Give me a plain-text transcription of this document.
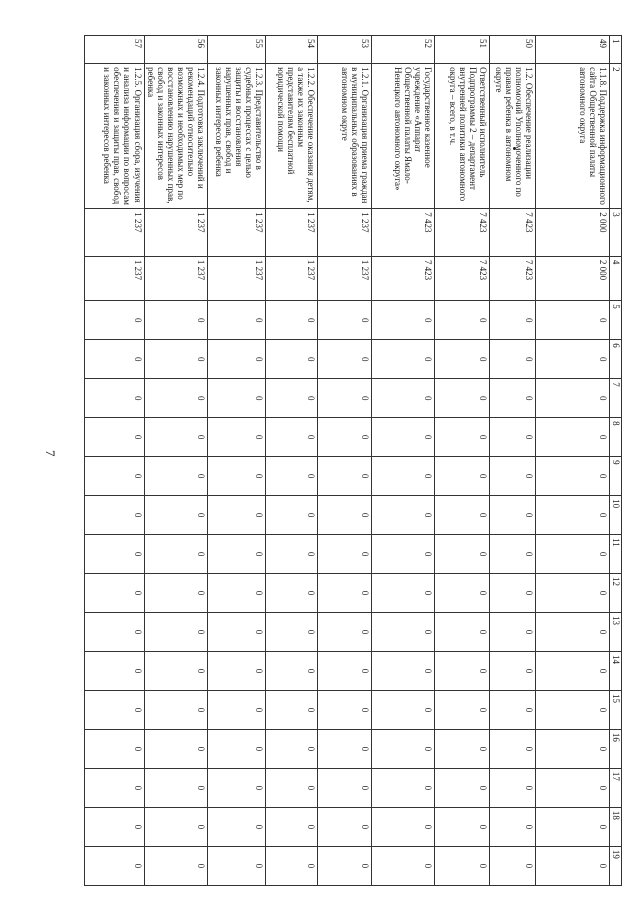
7
1	2	3	4	5	6	7	8	9	10	11	12	13	14	15	16	17	18	19
49	1.1.8. Поддержка информационного сайта Общественной палаты автономного округа	2 000	2 000	0	0	0	0	0	0	0	0	0	0	0	0	0	0	0
50	1.2. Обеспечение реализации полномочий Уполномоченного по правам ребенка в автономном округе	7 423	7 423	0	0	0	0	0	0	0	0	0	0	0	0	0	0	0
51	Ответственный исполнитель Подпрограммы 2 – департамент внутренней политики автономного округа – всего, в т.ч.	7 423	7 423	0	0	0	0	0	0	0	0	0	0	0	0	0	0	0
52	Государственное казенное учреждение «Аппарат Общественной палаты Ямало-Ненецкого автономного округа»	7 423	7 423	0	0	0	0	0	0	0	0	0	0	0	0	0	0	0
53	1.2.1. Организация приема граждан в муниципальных образованиях в автономном округе	1 237	1 237	0	0	0	0	0	0	0	0	0	0	0	0	0	0	0
54	1.2.2. Обеспечение оказания детям, а также их законным представителям бесплатной юридической помощи	1 237	1 237	0	0	0	0	0	0	0	0	0	0	0	0	0	0	0
55	1.2.3. Представительство в судебных процессах с целью защиты и восстановления нарушенных прав, свобод и законных интересов ребенка	1 237	1 237	0	0	0	0	0	0	0	0	0	0	0	0	0	0	0
56	1.2.4. Подготовка заключений и рекомендаций относительно возможных и необходимых мер по восстановлению нарушенных прав, свобод и законных интересов ребенка	1 237	1 237	0	0	0	0	0	0	0	0	0	0	0	0	0	0	0
57	1.2.5. Организация сбора, изучения и анализа информации по вопросам обеспечения и защиты прав, свобод и законных интересов ребенка	1 237	1 237	0	0	0	0	0	0	0	0	0	0	0	0	0	0	0
